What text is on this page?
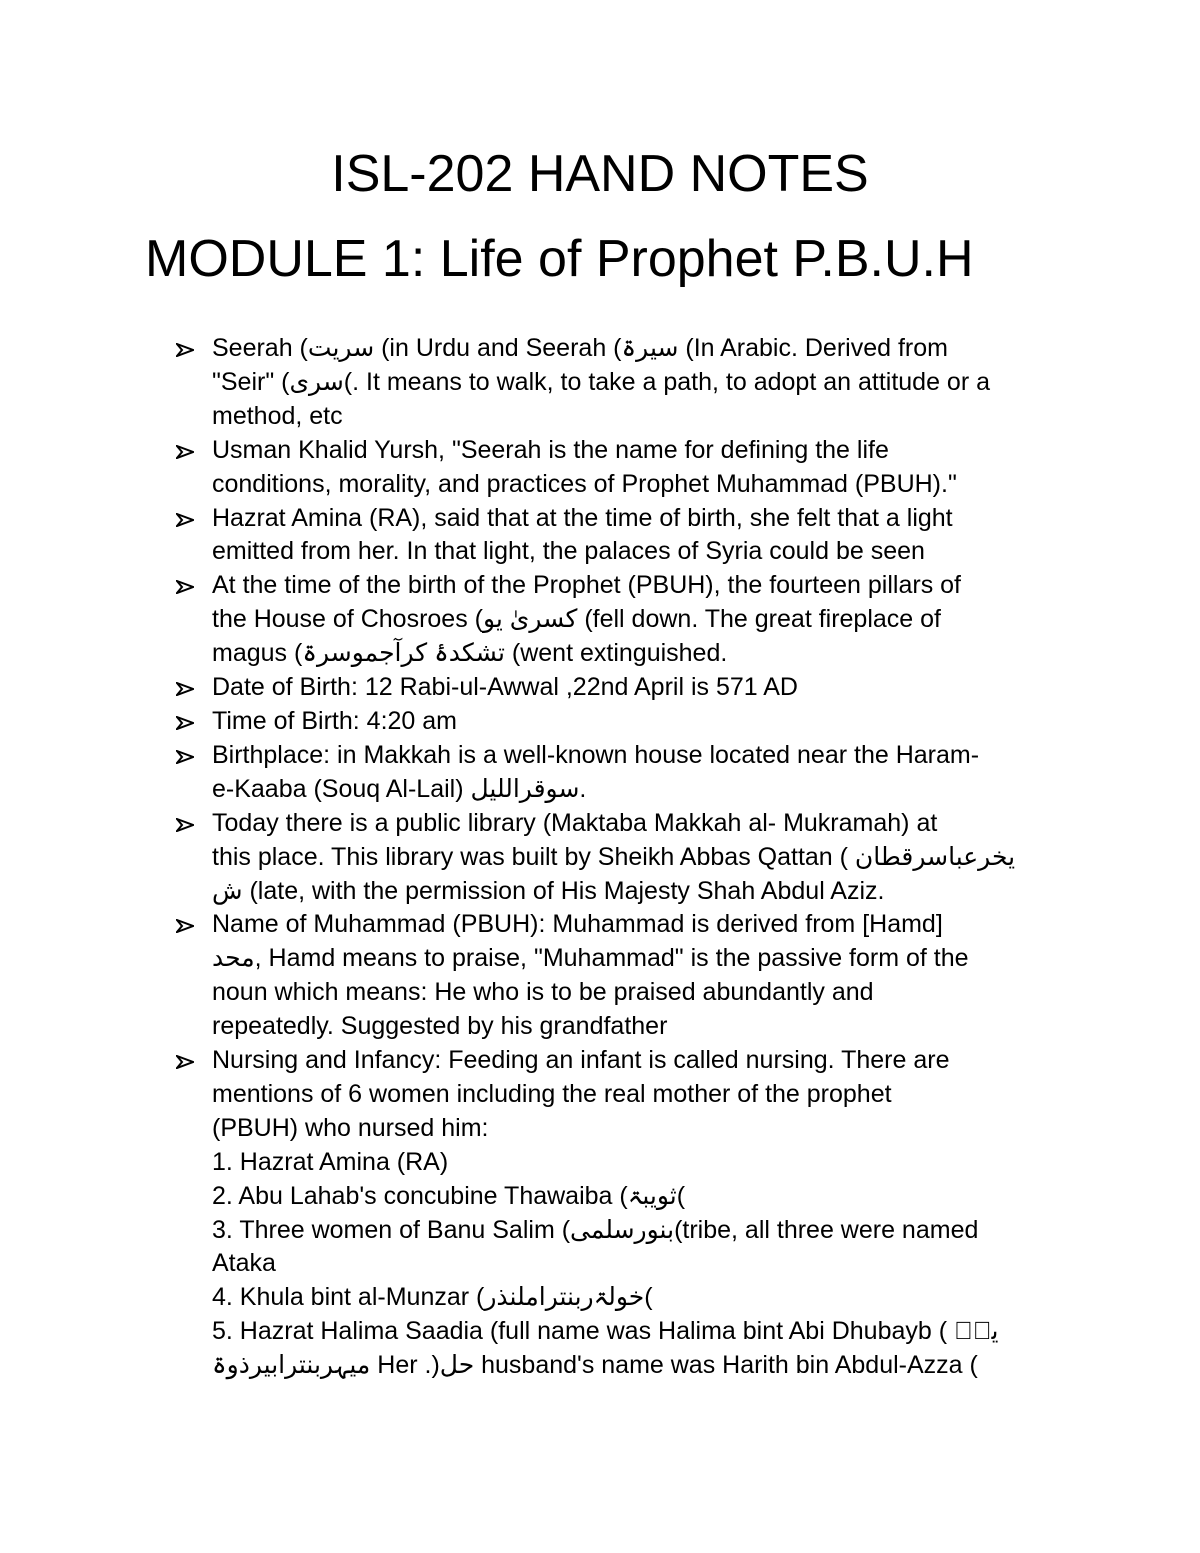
ISL-202 HAND NOTES
MODULE 1: Life of Prophet P.B.U.H
Seerah (سریت (in Urdu and Seerah (سیرۃ (In Arabic. Derived from
"Seir" (سری(. It means to walk, to take a path, to adopt an attitude or a
method, etc
Usman Khalid Yursh, "Seerah is the name for defining the life
conditions, morality, and practices of Prophet Muhammad (PBUH)."
Hazrat Amina (RA), said that at the time of birth, she felt that a light
emitted from her. In that light, the palaces of Syria could be seen
At the time of the birth of the Prophet (PBUH), the fourteen pillars of
the House of Chosroes (کسریٰ یو (fell down. The great fireplace of
magus (تشکدۂ کرآجموسرۃ (went extinguished.
Date of Birth: 12 Rabi-ul-Awwal ,22nd April is 571 AD
Time of Birth: 4:20 am
Birthplace: in Makkah is a well-known house located near the Haram-
e-Kaaba (Souq Al-Lail) سوقراللیل.
Today there is a public library (Maktaba Makkah al- Mukramah) at
this place. This library was built by Sheikh Abbas Qattan ( یخرعباسرقطان
ش (late, with the permission of His Majesty Shah Abdul Aziz.
Name of Muhammad (PBUH): Muhammad is derived from [Hamd]
محد, Hamd means to praise, "Muhammad" is the passive form of the
noun which means: He who is to be praised abundantly and
repeatedly. Suggested by his grandfather
Nursing and Infancy: Feeding an infant is called nursing. There are
mentions of 6 women including the real mother of the prophet
(PBUH) who nursed him:
1. Hazrat Amina (RA)
2. Abu Lahab's concubine Thawaiba (ثویبۃ(
3. Three women of Banu Salim (بنورسلمی(tribe, all three were named
Ataka
4. Khula bint al-Munzar (خولۃربنتراملنذر(
5. Hazrat Halima Saadia (full name was Halima bint Abi Dhubayb ( یبؑ
میہربنترابیرذوۃ Her .)حل husband's name was Harith bin Abdul-Azza (
